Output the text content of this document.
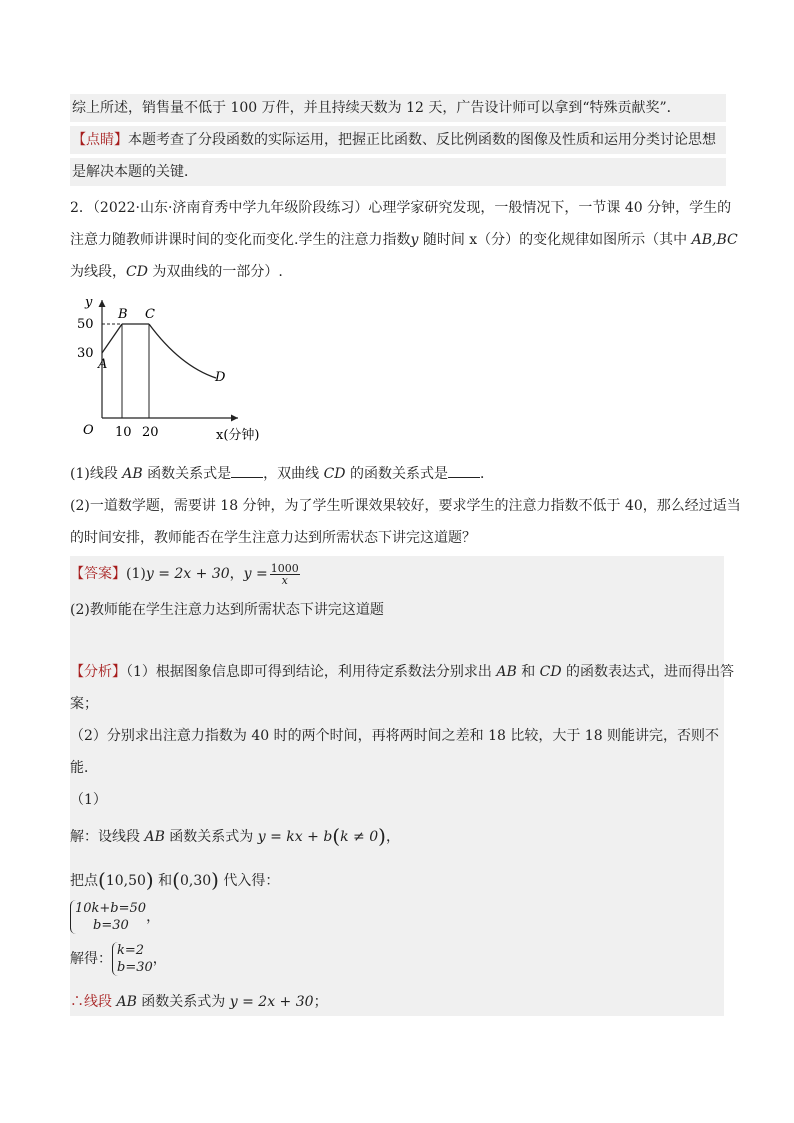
综上所述，销售量不低于 100 万件，并且持续天数为 12 天，广告设计师可以拿到“特殊贡献奖”．
【点睛】本题考查了分段函数的实际运用，把握正比函数、反比例函数的图像及性质和运用分类讨论思想
是解决本题的关键．
2．（2022·山东·济南育秀中学九年级阶段练习）心理学家研究发现，一般情况下，一节课 40 分钟，学生的
注意力随教师讲课时间的变化而变化.学生的注意力指数y 随时间 x（分）的变化规律如图所示（其中 AB,BC
为线段，CD 为双曲线的一部分）.
y
50
30
O 10 20	x(分钟)
A
B C
D
(1)线段 AB 函数关系式是 ，双曲线 CD 的函数关系式是 ．
(2)一道数学题，需要讲 18 分钟，为了学生听课效果较好，要求学生的注意力指数不低于 40，那么经过适当
的时间安排，教师能否在学生注意力达到所需状态下讲完这道题？
【答案】(1)y = 2x + 30，$y = \frac{1000}{x}$
(2)教师能在学生注意力达到所需状态下讲完这道题
【分析】（1）根据图象信息即可得到结论，利用待定系数法分别求出 AB 和 CD 的函数表达式，进而得出答
案；
（2）分别求出注意力指数为 40 时的两个时间，再将两时间之差和 18 比较，大于 18 则能讲完，否则不
能．
（1）
解：设线段 AB 函数关系式为 y = kx + b(k ≠ 0)，
把点(10,50) 和(0,30) 代入得：
10k+b=50
b=30
，
解得：
k=2
b=30
，
∴线段 AB 函数关系式为 y = 2x + 30；
